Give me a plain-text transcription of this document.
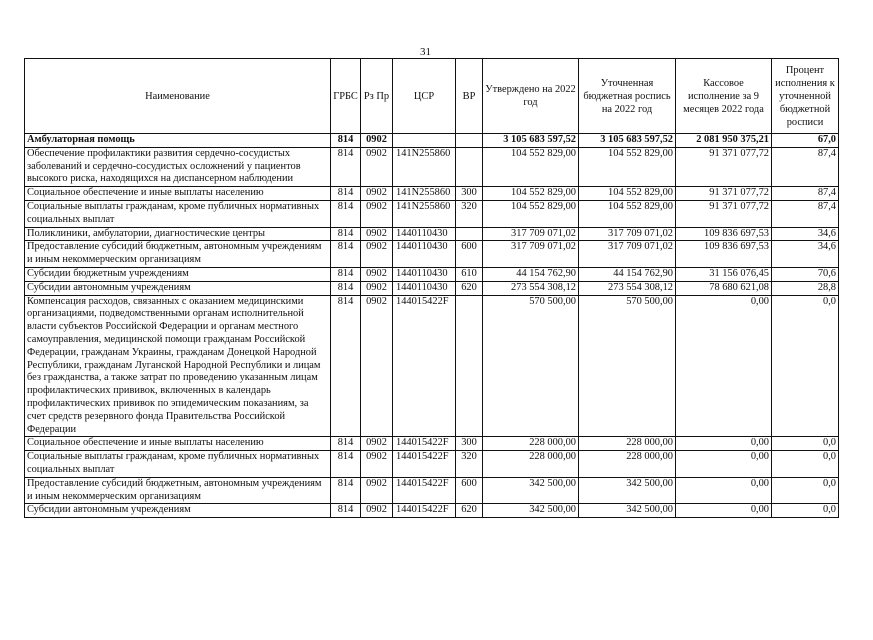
31
Наименование	ГРБС	Рз Пр	ЦСР	ВР	Утверждено на 2022 год	Уточненная бюджетная роспись на 2022 год	Кассовое исполнение за 9 месяцев 2022 года	Процент исполнения к уточненной бюджетной росписи
Амбулаторная помощь	814	0902			3 105 683 597,52	3 105 683 597,52	2 081 950 375,21	67,0
Обеспечение профилактики развития сердечно-сосудистых заболеваний и сердечно-сосудистых осложнений у пациентов высокого риска, находящихся на диспансерном наблюдении	814	0902	141N255860		104 552 829,00	104 552 829,00	91 371 077,72	87,4
Социальное обеспечение и иные выплаты населению	814	0902	141N255860	300	104 552 829,00	104 552 829,00	91 371 077,72	87,4
Социальные выплаты гражданам, кроме публичных нормативных социальных выплат	814	0902	141N255860	320	104 552 829,00	104 552 829,00	91 371 077,72	87,4
Поликлиники, амбулатории, диагностические центры	814	0902	1440110430		317 709 071,02	317 709 071,02	109 836 697,53	34,6
Предоставление субсидий бюджетным, автономным учреждениям и иным некоммерческим организациям	814	0902	1440110430	600	317 709 071,02	317 709 071,02	109 836 697,53	34,6
Субсидии бюджетным учреждениям	814	0902	1440110430	610	44 154 762,90	44 154 762,90	31 156 076,45	70,6
Субсидии автономным учреждениям	814	0902	1440110430	620	273 554 308,12	273 554 308,12	78 680 621,08	28,8
Компенсация расходов, связанных с оказанием медицинскими организациями, подведомственными органам исполнительной власти субъектов Российской Федерации и органам местного самоуправления, медицинской помощи гражданам Российской Федерации, гражданам Украины, гражданам Донецкой Народной Республики, гражданам Луганской Народной Республики и лицам без гражданства, а также затрат по проведению указанным лицам профилактических прививок, включенных в календарь профилактических прививок по эпидемическим показаниям, за счет средств резервного фонда Правительства Российской Федерации	814	0902	144015422F		570 500,00	570 500,00	0,00	0,0
Социальное обеспечение и иные выплаты населению	814	0902	144015422F	300	228 000,00	228 000,00	0,00	0,0
Социальные выплаты гражданам, кроме публичных нормативных социальных выплат	814	0902	144015422F	320	228 000,00	228 000,00	0,00	0,0
Предоставление субсидий бюджетным, автономным учреждениям и иным некоммерческим организациям	814	0902	144015422F	600	342 500,00	342 500,00	0,00	0,0
Субсидии автономным учреждениям	814	0902	144015422F	620	342 500,00	342 500,00	0,00	0,0
